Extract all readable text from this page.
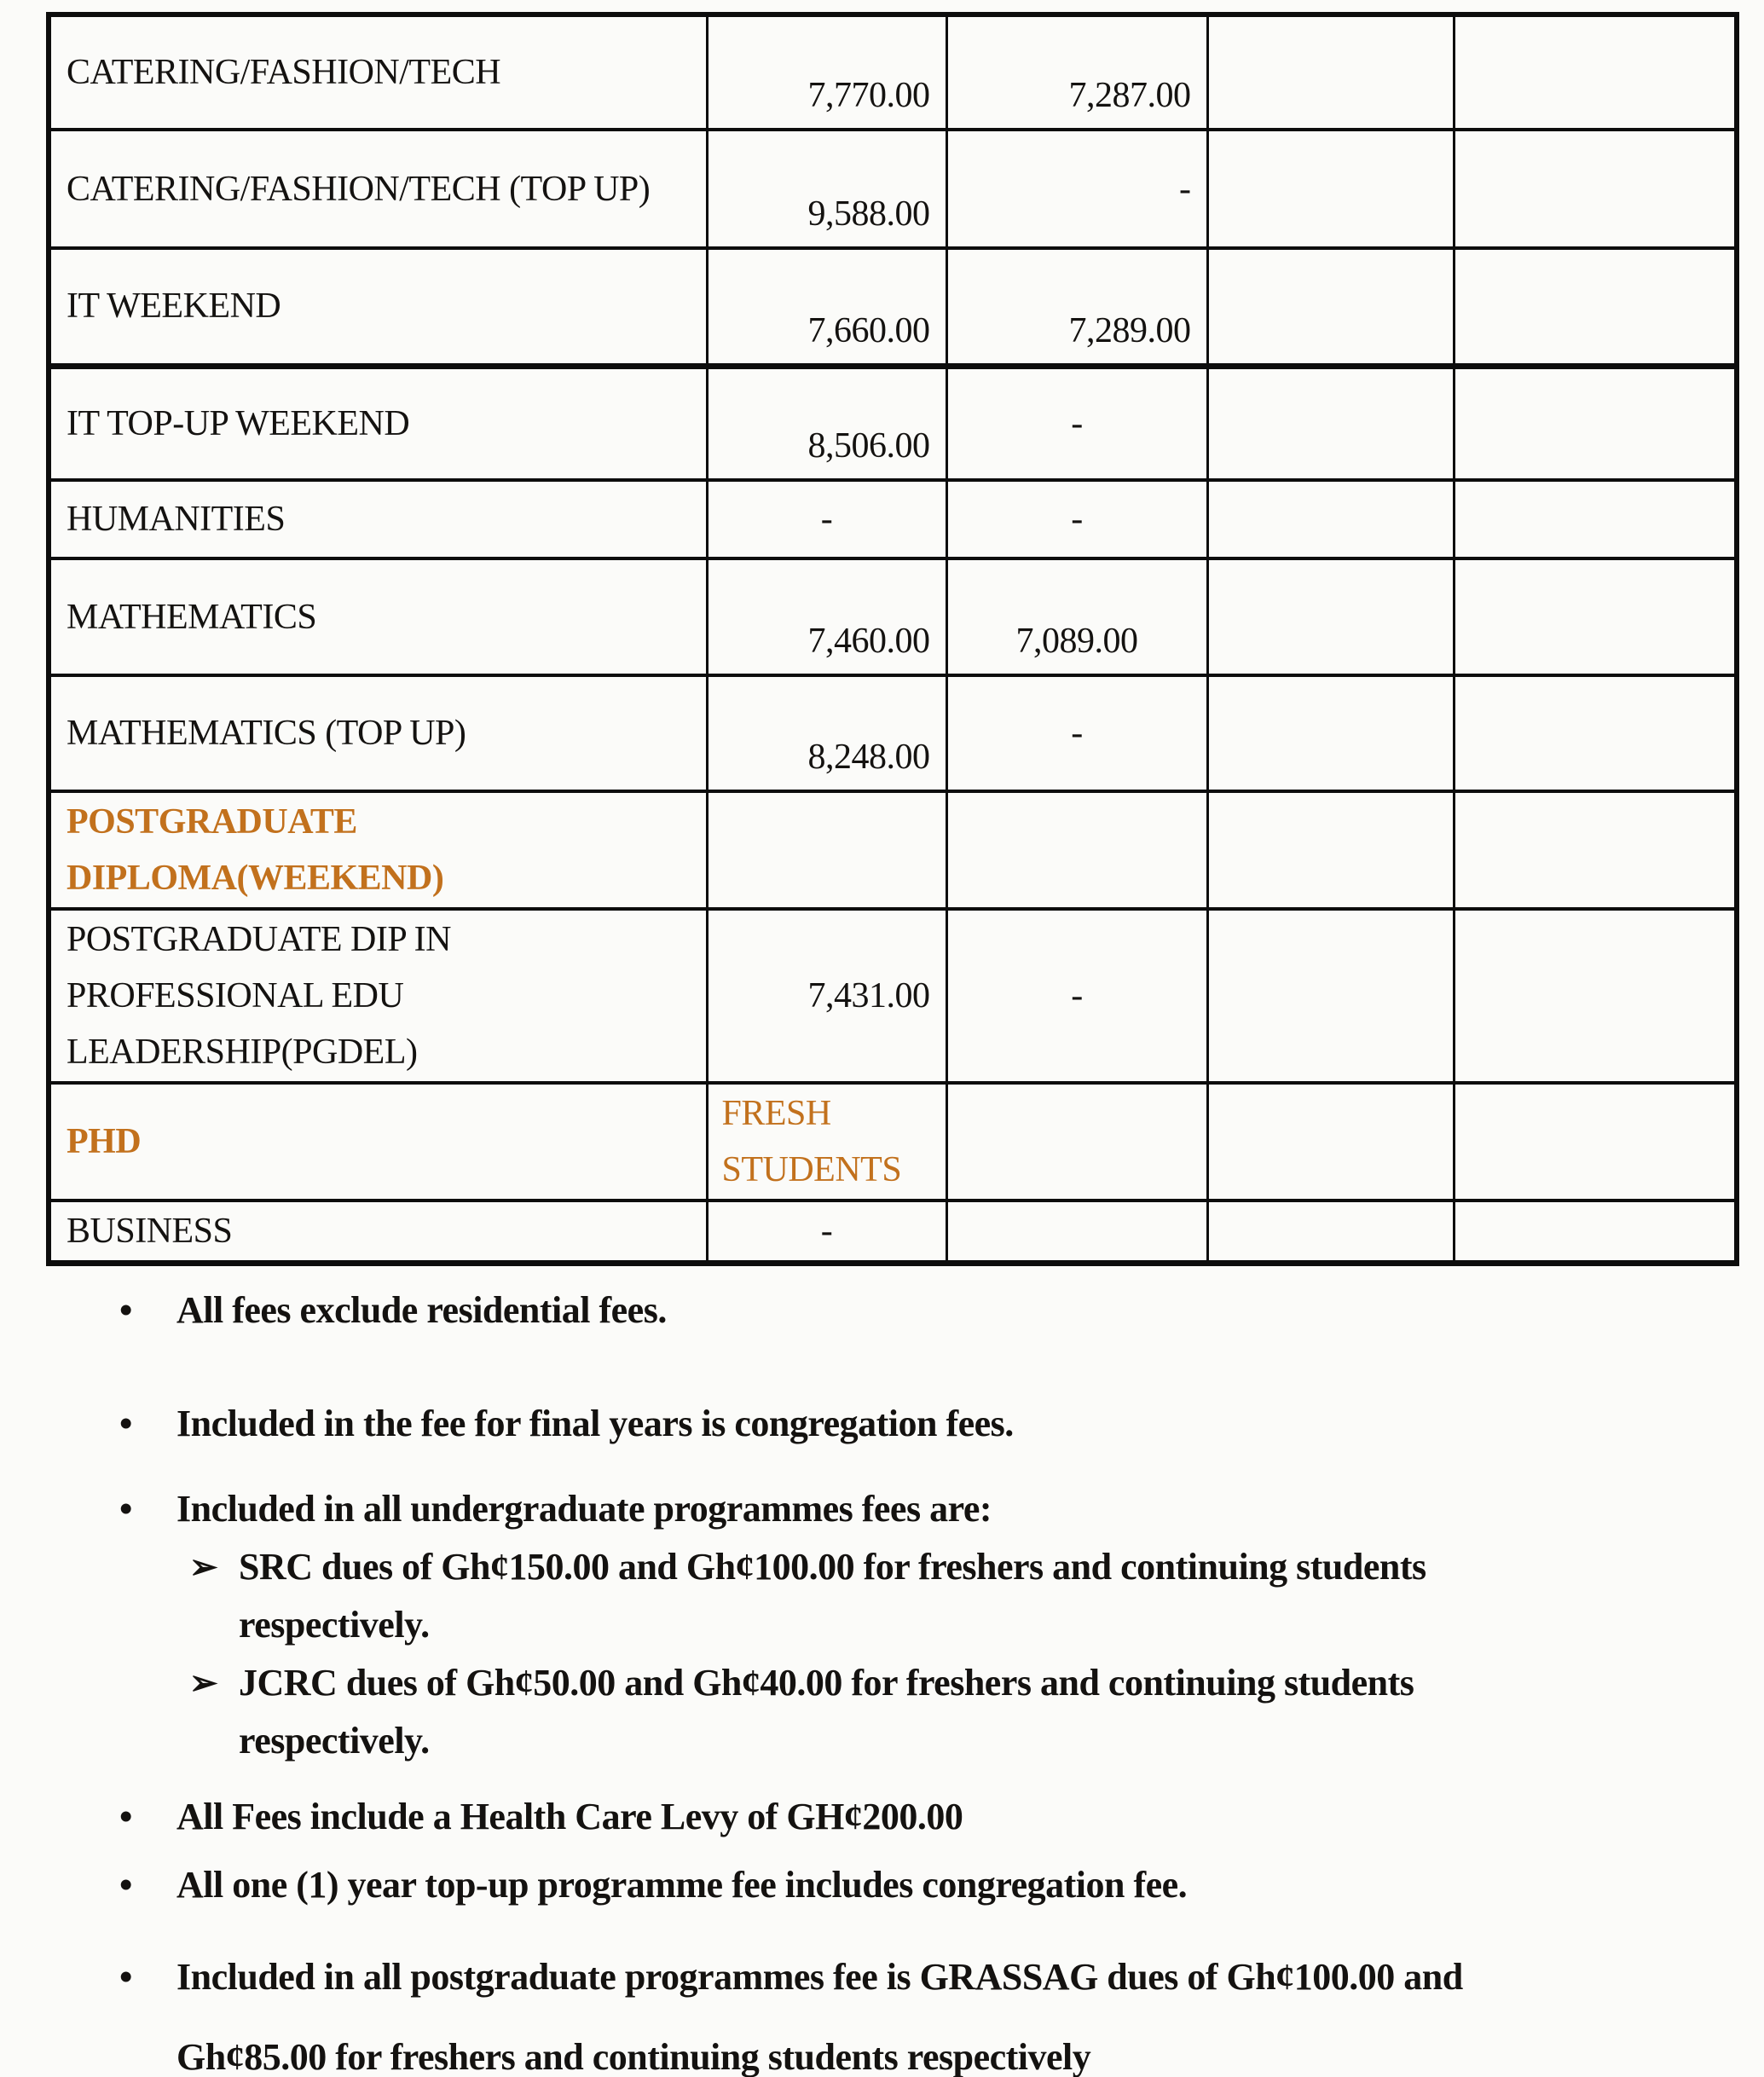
CATERING/FASHION/TECH	7,770.00	7,287.00		

CATERING/FASHION/TECH (TOP UP)	9,588.00	-		

IT WEEKEND	7,660.00	7,289.00		

IT TOP-UP WEEKEND	8,506.00	-		

HUMANITIES	-	-		

MATHEMATICS	7,460.00	7,089.00		

MATHEMATICS (TOP UP)	8,248.00	-		

POSTGRADUATE
DIPLOMA(WEEKEND)				

POSTGRADUATE DIP IN
PROFESSIONAL EDU
LEADERSHIP(PGDEL)	7,431.00	-		

PHD	FRESH
STUDENTS			

BUSINESS	-			

•	All fees exclude residential fees.
•	Included in the fee for final years is congregation fees.
•	Included in all undergraduate programmes fees are:
➢ SRC dues of Gh¢150.00 and Gh¢100.00 for freshers and continuing students
respectively.
➢ JCRC dues of Gh¢50.00 and Gh¢40.00 for freshers and continuing students
respectively.
•	All Fees include a Health Care Levy of GH¢200.00
•	All one (1) year top-up programme fee includes congregation fee.
•	Included in all postgraduate programmes fee is GRASSAG dues of Gh¢100.00 and
Gh¢85.00 for freshers and continuing students respectively
